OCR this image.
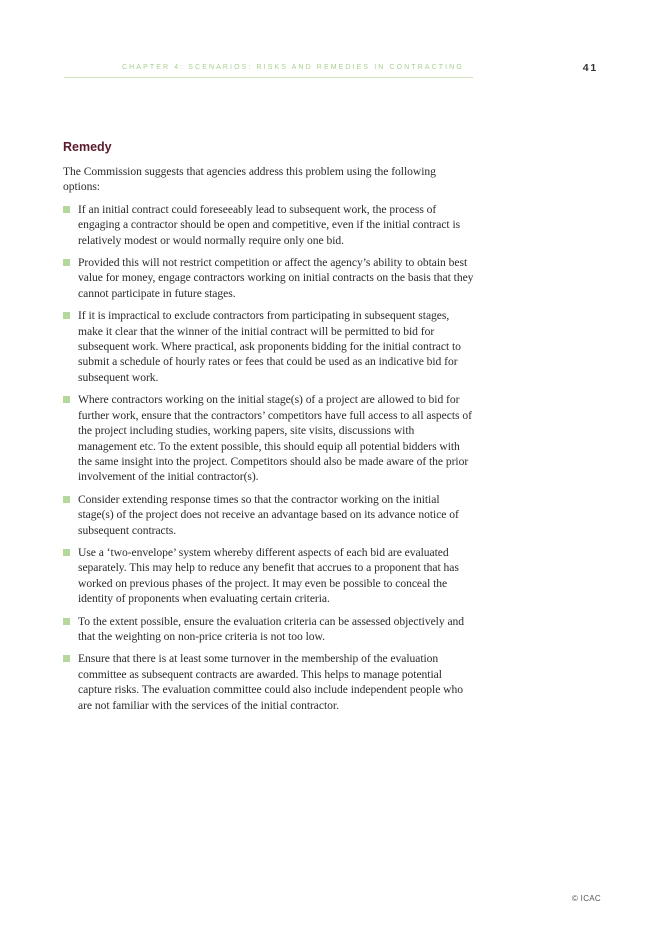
CHAPTER 4: SCENARIOS: RISKS AND REMEDIES IN CONTRACTING	41
Remedy

The Commission suggests that agencies address this problem using the following options:

If an initial contract could foreseeably lead to subsequent work, the process of engaging a contractor should be open and competitive, even if the initial contract is relatively modest or would normally require only one bid.
Provided this will not restrict competition or affect the agency’s ability to obtain best value for money, engage contractors working on initial contracts on the basis that they cannot participate in future stages.
If it is impractical to exclude contractors from participating in subsequent stages, make it clear that the winner of the initial contract will be permitted to bid for subsequent work. Where practical, ask proponents bidding for the initial contract to submit a schedule of hourly rates or fees that could be used as an indicative bid for subsequent work.
Where contractors working on the initial stage(s) of a project are allowed to bid for further work, ensure that the contractors’ competitors have full access to all aspects of the project including studies, working papers, site visits, discussions with management etc. To the extent possible, this should equip all potential bidders with the same insight into the project. Competitors should also be made aware of the prior involvement of the initial contractor(s).
Consider extending response times so that the contractor working on the initial stage(s) of the project does not receive an advantage based on its advance notice of subsequent contracts.
Use a ‘two-envelope’ system whereby different aspects of each bid are evaluated separately. This may help to reduce any benefit that accrues to a proponent that has worked on previous phases of the project. It may even be possible to conceal the identity of proponents when evaluating certain criteria.
To the extent possible, ensure the evaluation criteria can be assessed objectively and that the weighting on non-price criteria is not too low.
Ensure that there is at least some turnover in the membership of the evaluation committee as subsequent contracts are awarded. This helps to manage potential capture risks. The evaluation committee could also include independent people who are not familiar with the services of the initial contractor.
© ICAC
